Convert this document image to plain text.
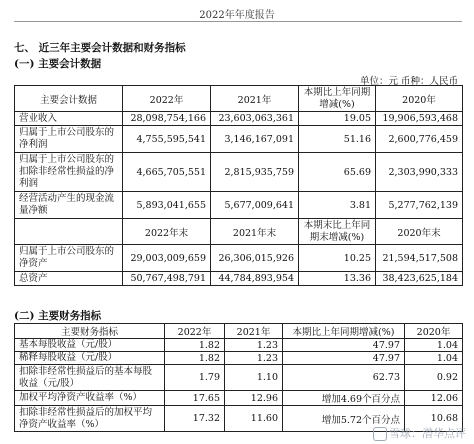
2022年年度报告
七、 近三年主要会计数据和财务指标
(一) 主要会计数据
单位：元 币种：人民币
主要会计数据	2022年	2021年	本期比上年同期增减(%)	2020年
营业收入	28,098,754,166	23,603,063,361	19.05	19,906,593,468
归属于上市公司股东的净利润	4,755,595,541	3,146,167,091	51.16	2,600,776,459
归属于上市公司股东的扣除非经常性损益的净利润	4,665,705,551	2,815,935,759	65.69	2,303,990,333
经营活动产生的现金流量净额	5,893,041,655	5,677,009,641	3.81	5,277,762,139
	2022年末	2021年末	本期末比上年同期末增减(%)	2020年末
归属于上市公司股东的净资产	29,003,009,659	26,306,015,926	10.25	21,594,517,508
总资产	50,767,498,791	44,784,893,954	13.36	38,423,625,184
(二) 主要财务指标
主要财务指标	2022年	2021年	本期比上年同期增减(%)	2020年
基本每股收益（元/股）	1.82	1.23	47.97	1.04
稀释每股收益（元/股）	1.82	1.23	47.97	1.04
扣除非经常性损益后的基本每股收益（元/股）	1.79	1.10	62.73	0.92
加权平均净资产收益率（%）	17.65	12.96	增加4.69个百分点	12.06
扣除非经常性损益后的加权平均净资产收益率（%）	17.32	11.60	增加5.72个百分点	10.68
雪球：潜华点评
